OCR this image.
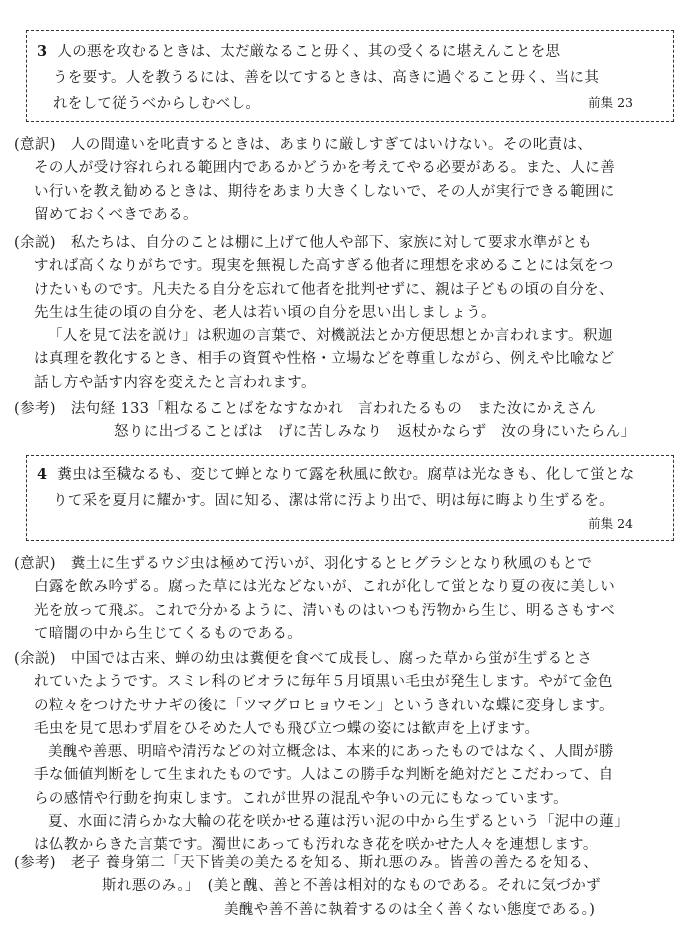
3 人の悪を攻むるときは、太だ厳なること毋く、其の受くるに堪えんことを思
うを要す。人を教うるには、善を以てするときは、高きに過ぐること毋く、当に其
れをして従うべからしむべし。	前集 23
(意訳)　 人の間違いを叱責するときは、あまりに厳しすぎてはいけない。その叱責は、
その人が受け容れられる範囲内であるかどうかを考えてやる必要がある。また、人に善
い行いを教え勧めるときは、期待をあまり大きくしないで、その人が実行できる範囲に
留めておくべきである。
(余説)　 私たちは、自分のことは棚に上げて他人や部下、家族に対して要求水準がとも
すれば高くなりがちです。現実を無視した高すぎる他者に理想を求めることには気をつ
けたいものです。凡夫たる自分を忘れて他者を批判せずに、親は子どもの頃の自分を、
先生は生徒の頃の自分を、老人は若い頃の自分を思い出しましょう。
「人を見て法を説け」は釈迦の言葉で、対機説法とか方便思想とか言われます。釈迦
は真理を教化するとき、相手の資質や性格・立場などを尊重しながら、例えや比喩など
話し方や話す内容を変えたと言われます。
(参考)　 法句経 133「粗なることばをなすなかれ　言われたるもの　また汝にかえさん
怒りに出づることばは　げに苦しみなり　返杖かならず　汝の身にいたらん」
4 糞虫は至穢なるも、変じて蝉となりて露を秋風に飲む。腐草は光なきも、化して蛍とな
りて采を夏月に耀かす。固に知る、潔は常に汚より出で、明は毎に晦より生ずるを。
前集 24
(意訳)　 糞土に生ずるウジ虫は極めて汚いが、羽化するとヒグラシとなり秋風のもとで
白露を飲み吟ずる。腐った草には光などないが、これが化して蛍となり夏の夜に美しい
光を放って飛ぶ。これで分かるように、清いものはいつも汚物から生じ、明るさもすべ
て暗闇の中から生じてくるものである。
(余説)　 中国では古来、蝉の幼虫は糞便を食べて成長し、腐った草から蛍が生ずるとさ
れていたようです。スミレ科のビオラに毎年５月頃黒い毛虫が発生します。やがて金色
の粒々をつけたサナギの後に「ツマグロヒョウモン」というきれいな蝶に変身します。
毛虫を見て思わず眉をひそめた人でも飛び立つ蝶の姿には歓声を上げます。
美醜や善悪、明暗や清汚などの対立概念は、本来的にあったものではなく、人間が勝
手な価値判断をして生まれたものです。人はこの勝手な判断を絶対だとこだわって、自
らの感情や行動を拘束します。これが世界の混乱や争いの元にもなっています。
夏、水面に清らかな大輪の花を咲かせる蓮は汚い泥の中から生ずるという「泥中の蓮」
は仏教からきた言葉です。濁世にあっても汚れなき花を咲かせた人々を連想します。
(参考)　 老子 養身第二「天下皆美の美たるを知る、斯れ悪のみ。皆善の善たるを知る、
斯れ悪のみ。」　(美と醜、善と不善は相対的なものである。それに気づかず
美醜や善不善に執着するのは全く善くない態度である。)
